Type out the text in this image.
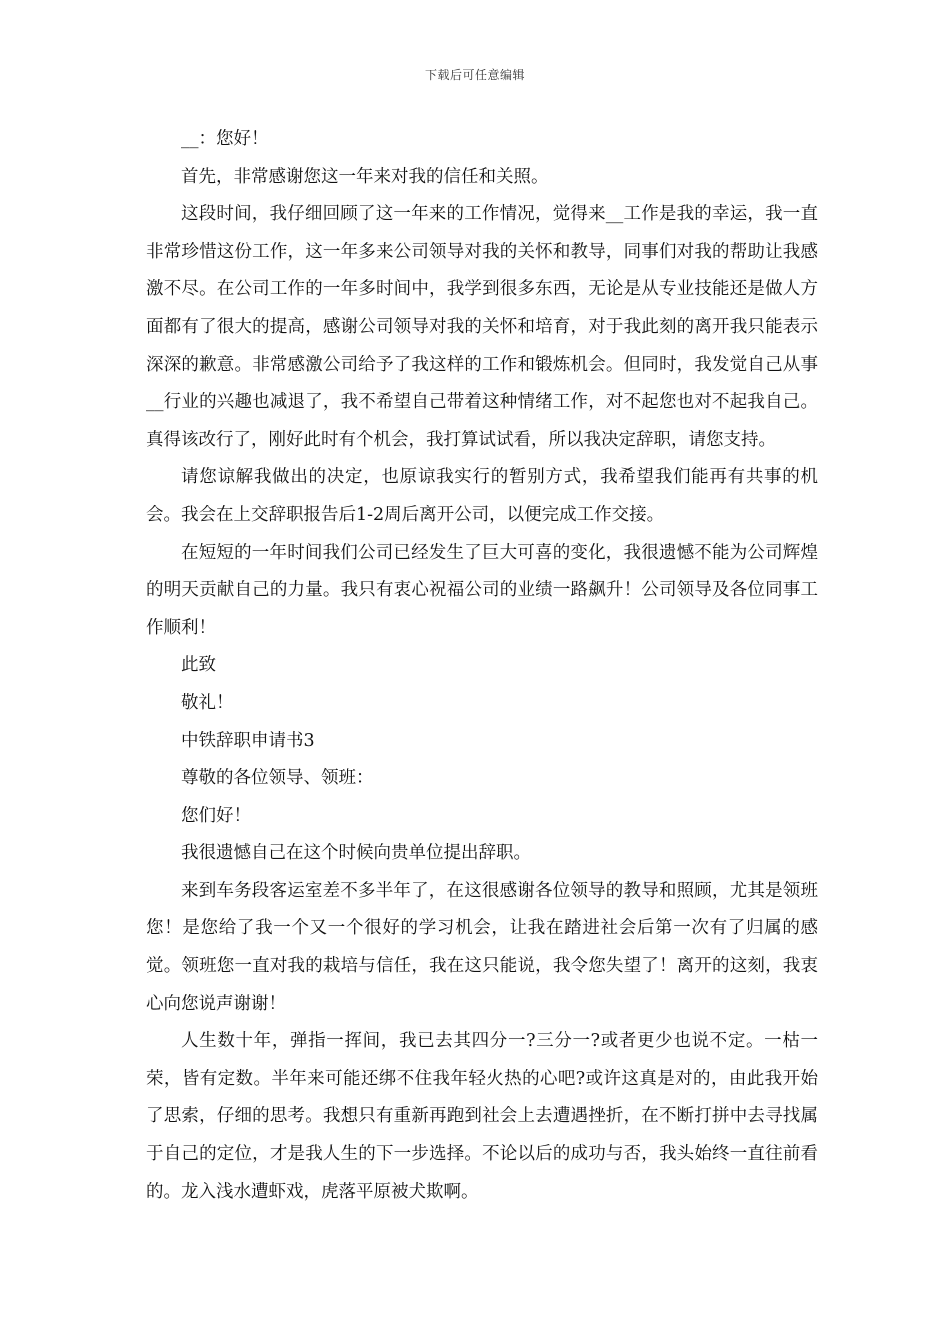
下载后可任意编辑

__：您好！

首先，非常感谢您这一年来对我的信任和关照。

这段时间，我仔细回顾了这一年来的工作情况，觉得来__工作是我的幸运，我一直非常珍惜这份工作，这一年多来公司领导对我的关怀和教导，同事们对我的帮助让我感激不尽。在公司工作的一年多时间中，我学到很多东西，无论是从专业技能还是做人方面都有了很大的提高，感谢公司领导对我的关怀和培育，对于我此刻的离开我只能表示深深的歉意。非常感激公司给予了我这样的工作和锻炼机会。但同时，我发觉自己从事__行业的兴趣也减退了，我不希望自己带着这种情绪工作，对不起您也对不起我自己。真得该改行了，刚好此时有个机会，我打算试试看，所以我决定辞职，请您支持。

请您谅解我做出的决定，也原谅我实行的暂别方式，我希望我们能再有共事的机会。我会在上交辞职报告后1-2周后离开公司，以便完成工作交接。

在短短的一年时间我们公司已经发生了巨大可喜的变化，我很遗憾不能为公司辉煌的明天贡献自己的力量。我只有衷心祝福公司的业绩一路飙升！公司领导及各位同事工作顺利！

此致

敬礼！

中铁辞职申请书3

尊敬的各位领导、领班：

您们好！

我很遗憾自己在这个时候向贵单位提出辞职。

来到车务段客运室差不多半年了，在这很感谢各位领导的教导和照顾，尤其是领班您！是您给了我一个又一个很好的学习机会，让我在踏进社会后第一次有了归属的感觉。领班您一直对我的栽培与信任，我在这只能说，我令您失望了！离开的这刻，我衷心向您说声谢谢！

人生数十年，弹指一挥间，我已去其四分一?三分一?或者更少也说不定。一枯一荣，皆有定数。半年来可能还绑不住我年轻火热的心吧?或许这真是对的，由此我开始了思索，仔细的思考。我想只有重新再跑到社会上去遭遇挫折，在不断打拼中去寻找属于自己的定位，才是我人生的下一步选择。不论以后的成功与否，我头始终一直往前看的。龙入浅水遭虾戏，虎落平原被犬欺啊。
